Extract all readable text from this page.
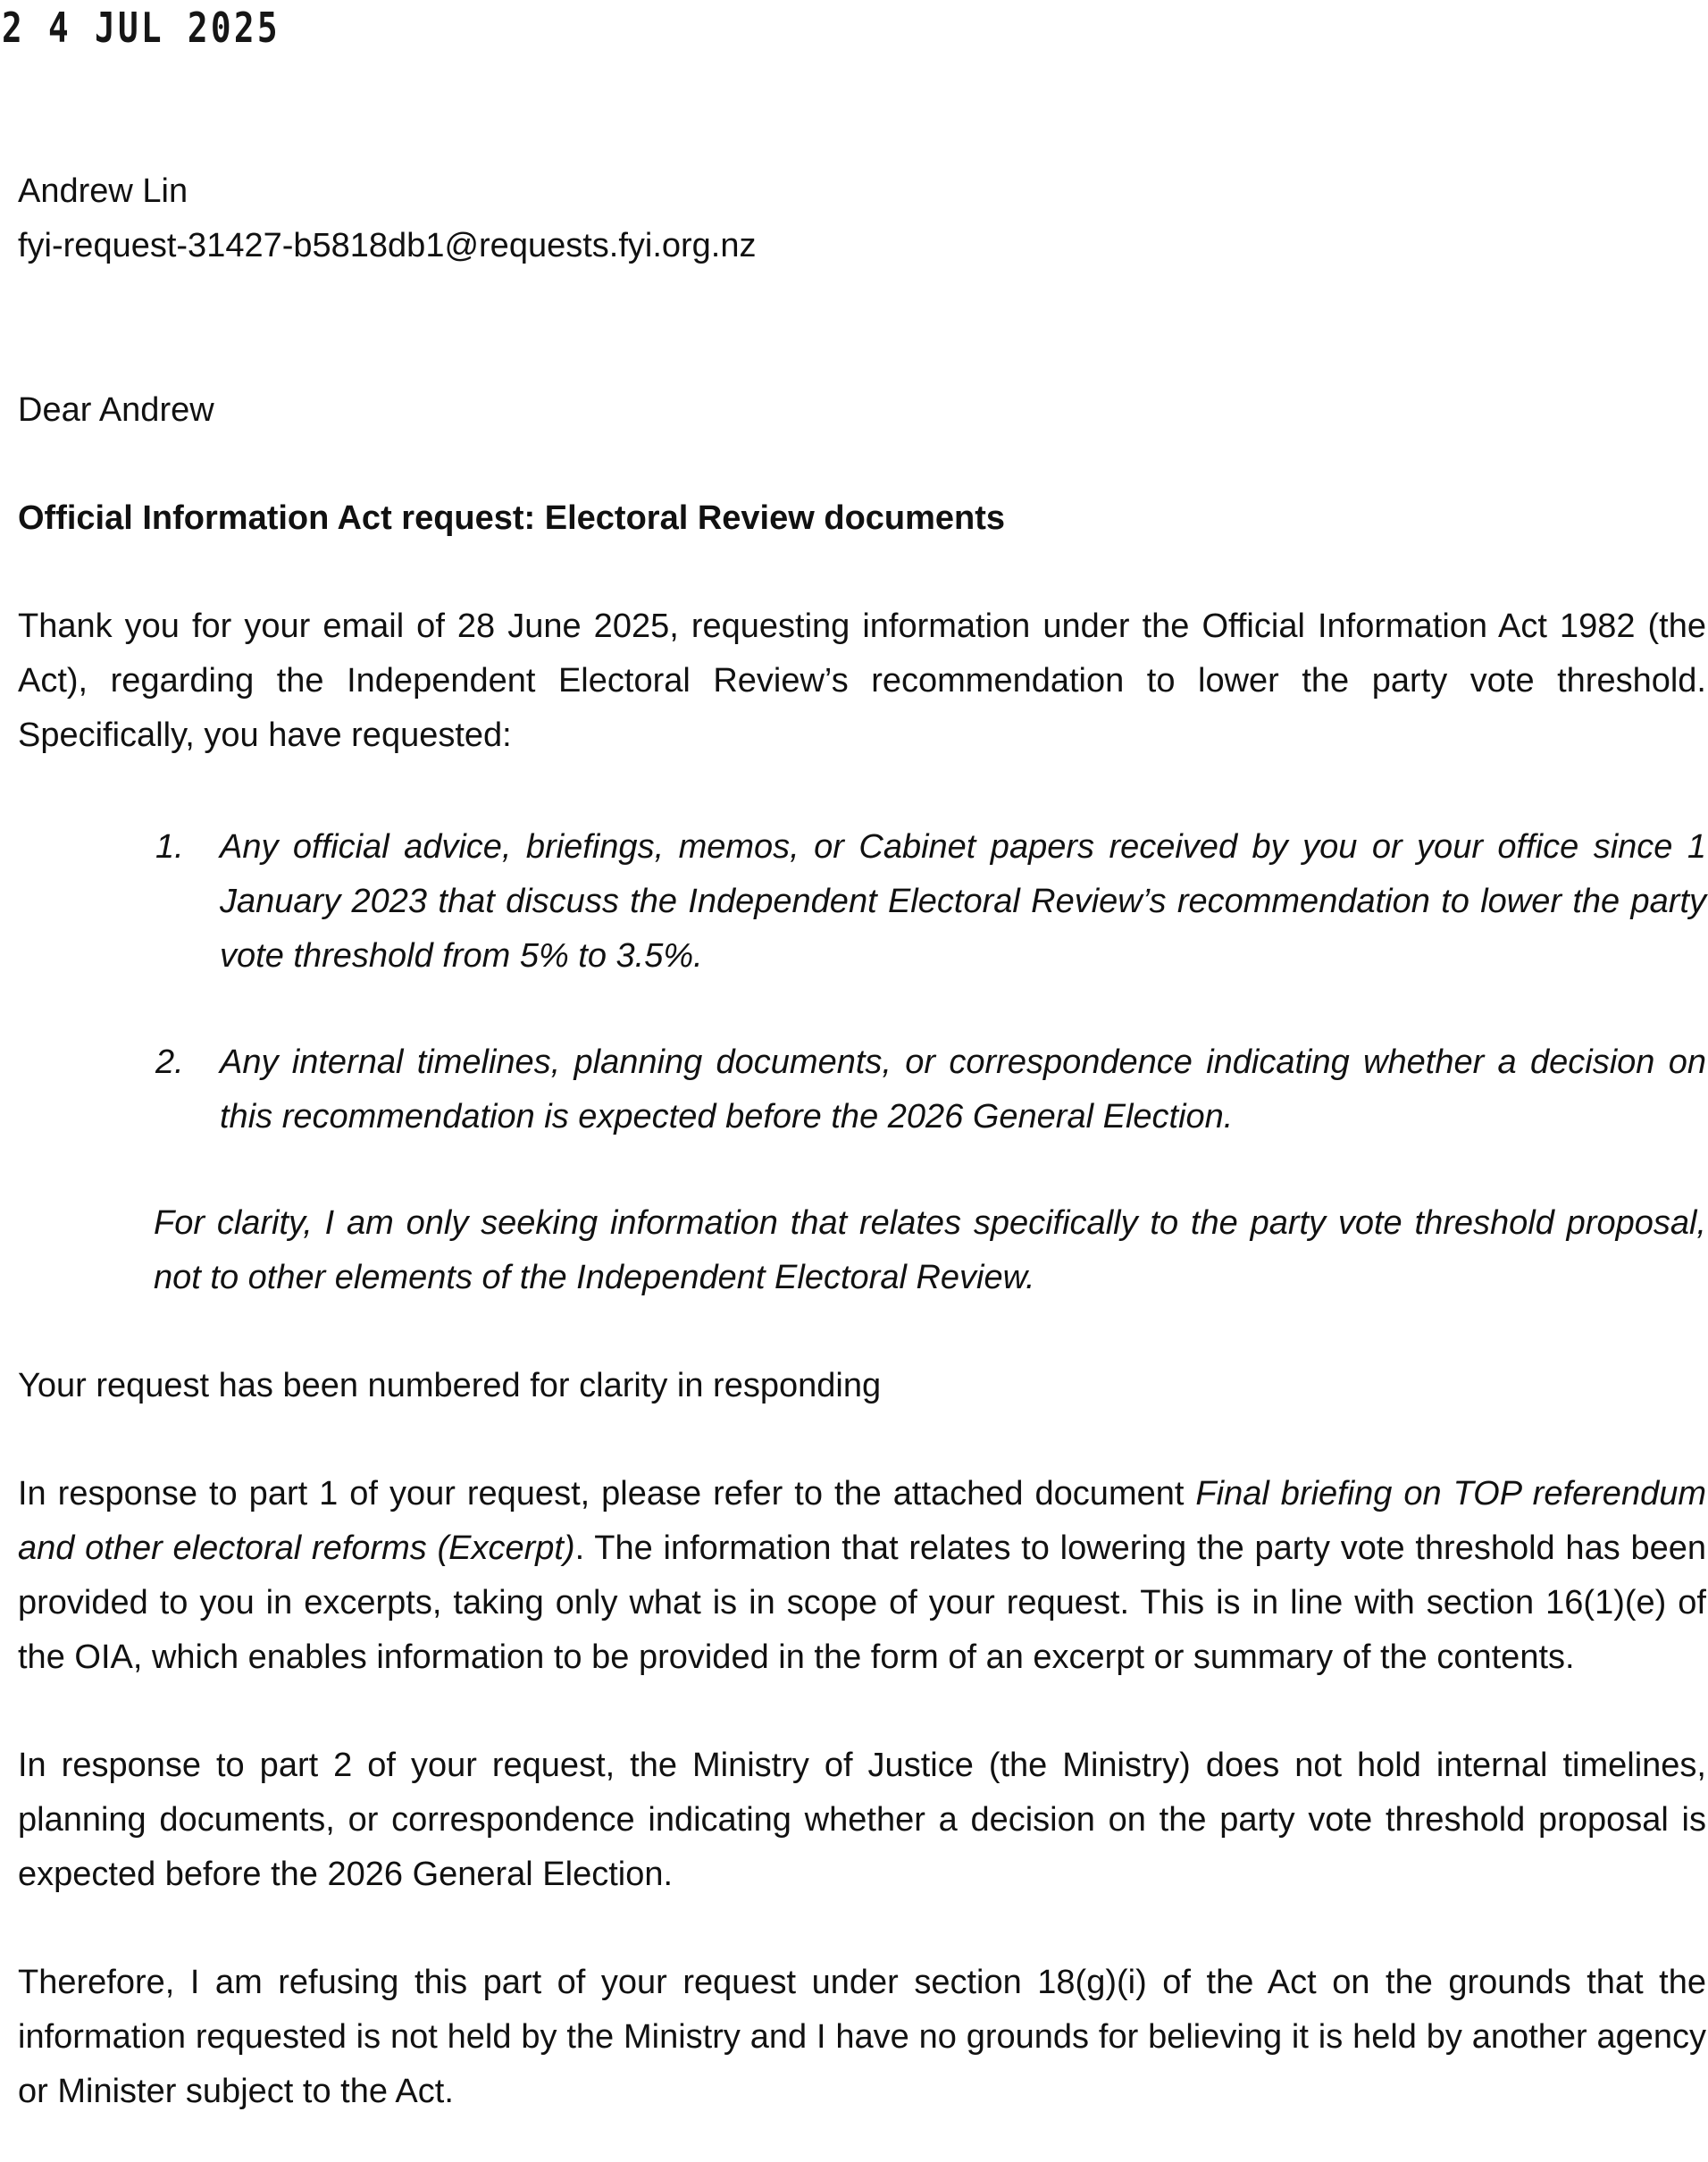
2 4 JUL 2025

Andrew Lin
fyi-request-31427-b5818db1@requests.fyi.org.nz

Dear Andrew

Official Information Act request: Electoral Review documents

Thank you for your email of 28 June 2025, requesting information under the Official Information Act 1982 (the Act), regarding the Independent Electoral Review’s recommendation to lower the party vote threshold. Specifically, you have requested:

1. Any official advice, briefings, memos, or Cabinet papers received by you or your office since 1 January 2023 that discuss the Independent Electoral Review’s recommendation to lower the party vote threshold from 5% to 3.5%.
2. Any internal timelines, planning documents, or correspondence indicating whether a decision on this recommendation is expected before the 2026 General Election.

For clarity, I am only seeking information that relates specifically to the party vote threshold proposal, not to other elements of the Independent Electoral Review.

Your request has been numbered for clarity in responding

In response to part 1 of your request, please refer to the attached document Final briefing on TOP referendum and other electoral reforms (Excerpt). The information that relates to lowering the party vote threshold has been provided to you in excerpts, taking only what is in scope of your request. This is in line with section 16(1)(e) of the OIA, which enables information to be provided in the form of an excerpt or summary of the contents.

In response to part 2 of your request, the Ministry of Justice (the Ministry) does not hold internal timelines, planning documents, or correspondence indicating whether a decision on the party vote threshold proposal is expected before the 2026 General Election.

Therefore, I am refusing this part of your request under section 18(g)(i) of the Act on the grounds that the information requested is not held by the Ministry and I have no grounds for believing it is held by another agency or Minister subject to the Act.
